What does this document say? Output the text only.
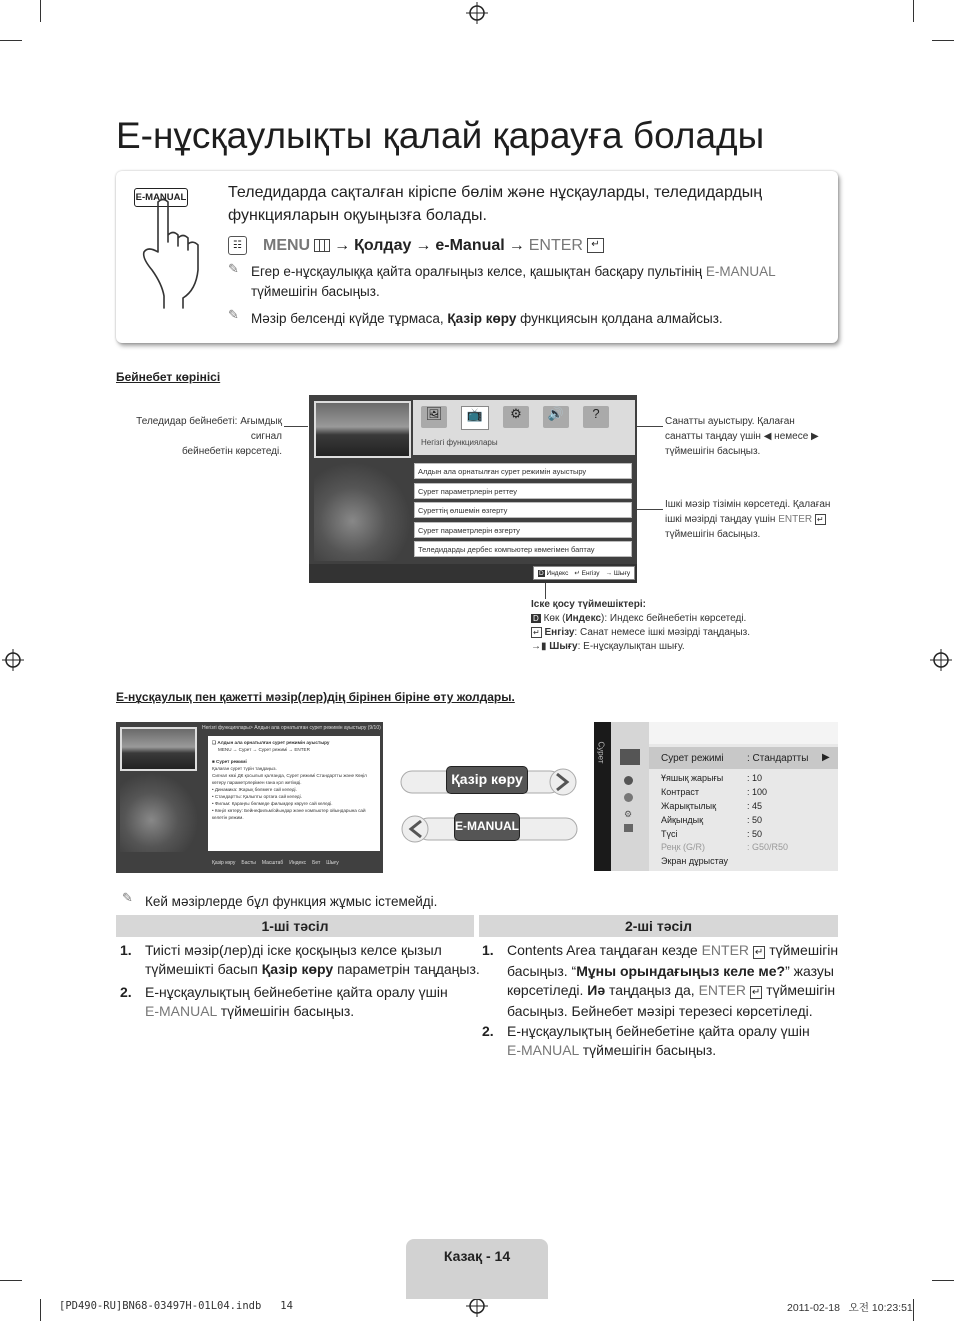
Е-нұсқаулықты қалай қарауға болады
E-MANUAL	Теледидарда сақталған кіріспе бөлім және нұсқауларды, теледидардың
функцияларын оқуыңызға болады.
☷	MENU → Қолдау → e-Manual → ENTER ↵
✎ Егер е-нұсқаулыққа қайта оралғыңыз келсе, қашықтан басқару пультінің E-MANUAL
түймешігін басыңыз.
✎ Мәзір белсенді күйде тұрмаса, Қазір көру функциясын қолдана алмайсыз.
Бейнебет көрінісі
🖼	📺	⚙	🔊	?
Негізгі функциялары
D Индекс ↵ Енгізу → Шығу
Алдын ала орнатылған сурет режимін ауыстыру
Сурет параметрлерін реттеу
Суреттің өлшемін өзгерту
Сурет параметрлерін өзгерту
Теледидарды дербес компьютер көмегімен баптау
Теледидар бейнебеті: Ағымдық
сигнал
бейнебетін көрсетеді.
Санатты ауыстыру. Қалаған
санатты таңдау үшін ◀ немесе ▶
түймешігін басыңыз.
Ішкі мәзір тізімін көрсетеді. Қалаған
ішкі мәзірді таңдау үшін ENTER ↵
түймешігін басыңыз.
Іске қосу түймешіктері:
D Көк (Индекс): Индекс бейнебетін көрсетеді.
↵ Енгізу: Санат немесе ішкі мәзірді таңдаңыз.
→▮ Шығу: Е-нұсқаулықтан шығу.
Е-нұсқаулық пен қажетті мәзір(лер)дің бірінен біріне өту жолдары.
Негізгі функциялары> Алдын ала орнатылған сурет режимін ауыстыру (9/10)
❑ Алдын ала орнатылған сурет режимін ауыстыру
MENU → Сурет → Сурет режимі → ENTER
■ Сурет режимі
Қалаған сурет түрін таңдаңыз.
Сигнал көзі ДК қосылып қалғанда, Сурет режимі Стандартты және Көңіл
көтеру параметрлерімен ғана қол жетімді.
• Динамика: Жарық бөлмеге сай келеді.
• Стандартты: Қалыпты ортаға сай келеді.
• Фильм: Қараңғы бөлмеде фильмдер көруге сай келеді.
• Көңіл көтеру: Бейнефильм/ойындар және компьютер ойындарына сай келетін режим.
Қазір көру Басты Масштаб Индекс Бет Шығу
Қазір көру
E-MANUAL
Сурет
⚙
Сурет режимі : Стандартты ▶
Ұяшық жарығы	: 10
Контраст	: 100
Жарықтылық	: 45
Айқындық	: 50
Түсі	: 50
Реңк (G/R)	: G50/R50
Экран дұрыстау
✎ Кей мәзірлерде бұл функция жұмыс істемейді.
1-ші тәсіл	2-ші тәсіл
1. Тиісті мәзір(лер)ді іске қосқыңыз келсе қызыл
түймешікті басып Қазір көру параметрін таңдаңыз.
2. Е-нұсқаулықтың бейнебетіне қайта оралу үшін
E-MANUAL түймешігін басыңыз.
1. Contents Area таңдаған кезде ENTER ↵ түймешігін
басыңыз. “Мұны орындағыңыз келе ме?” жазуы
көрсетіледі. Иә таңдаңыз да, ENTER ↵ түймешігін
басыңыз. Бейнебет мәзірі терезесі көрсетіледі.
2. Е-нұсқаулықтың бейнебетіне қайта оралу үшін
E-MANUAL түймешігін басыңыз.
Казақ - 14
[PD490-RU]BN68-03497H-01L04.indb   14	2011-02-18   오전 10:23:51
